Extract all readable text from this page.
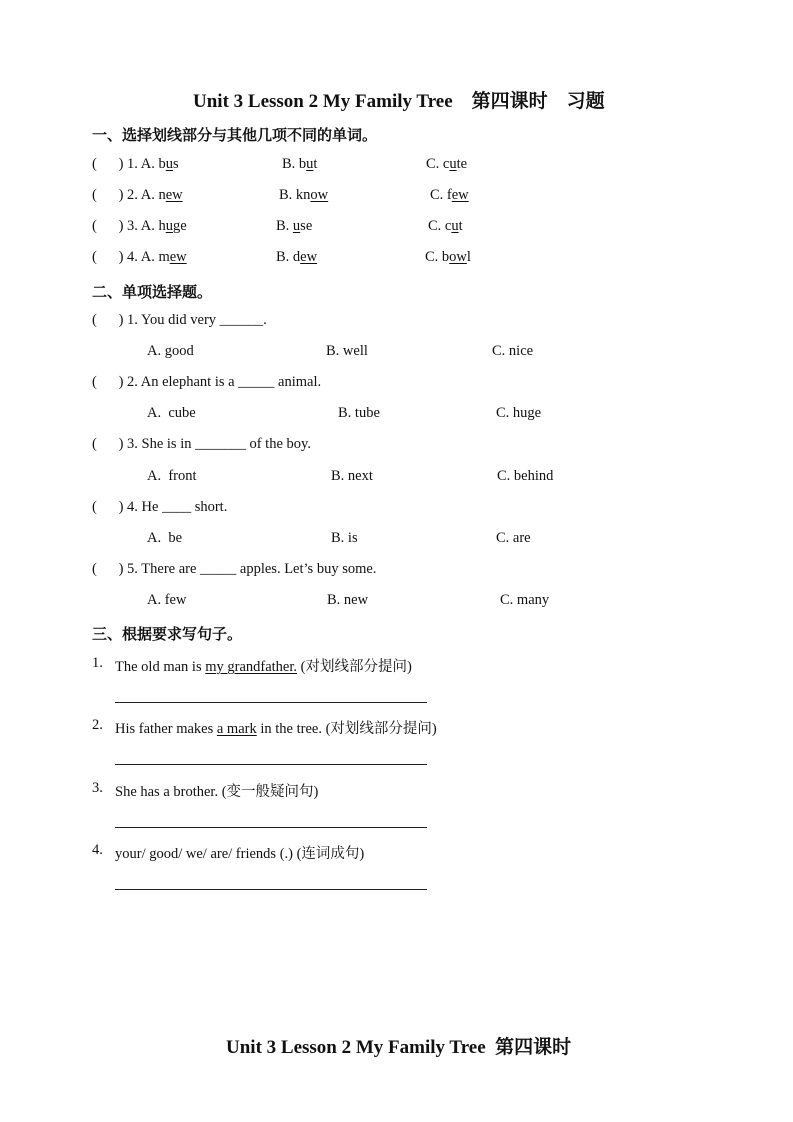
Unit 3 Lesson 2 My Family Tree　第四课时　习题
一、选择划线部分与其他几项不同的单词。
(      ) 1. A. bus	B. but	C. cute
(      ) 2. A. new	B. know	C. few
(      ) 3. A. huge	B. use	C. cut
(      ) 4. A. mew	B. dew	C. bowl
二、单项选择题。
(      ) 1. You did very ______.
A. good	B. well	C. nice
(      ) 2. An elephant is a _____ animal.
A.  cube	B. tube	C. huge
(      ) 3. She is in _______ of the boy.
A.  front	B. next	C. behind
(      ) 4. He ____ short.
A.  be	B. is	C. are
(      ) 5. There are _____ apples. Let’s buy some.
A. few	B. new	C. many
三、根据要求写句子。
1. The old man is my grandfather. (对划线部分提问)
2. His father makes a mark in the tree. (对划线部分提问)
3. She has a brother. (变一般疑问句)
4. your/ good/ we/ are/ friends (.) (连词成句)
Unit 3 Lesson 2 My Family Tree  第四课时
